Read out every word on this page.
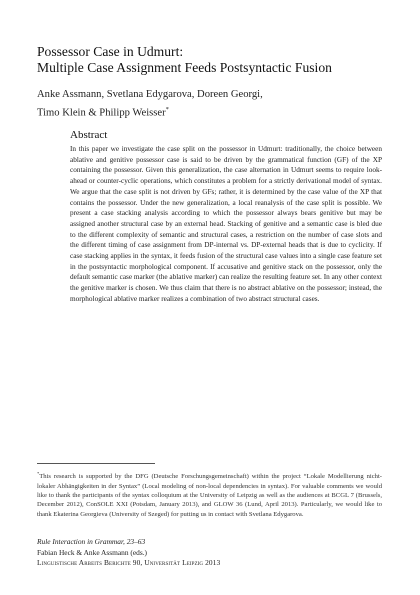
Possessor Case in Udmurt:
Multiple Case Assignment Feeds Postsyntactic Fusion
Anke Assmann, Svetlana Edygarova, Doreen Georgi,
Timo Klein & Philipp Weisser*
Abstract

In this paper we investigate the case split on the possessor in Udmurt: traditionally, the choice between ablative and genitive possessor case is said to be driven by the grammatical function (GF) of the XP containing the possessor. Given this generalization, the case alternation in Udmurt seems to require look-ahead or counter-cyclic operations, which constitutes a problem for a strictly derivational model of syntax. We argue that the case split is not driven by GFs; rather, it is determined by the case value of the XP that contains the possessor. Under the new generalization, a local reanalysis of the case split is possible. We present a case stacking analysis according to which the possessor always bears genitive but may be assigned another structural case by an external head. Stacking of genitive and a semantic case is bled due to the different complexity of semantic and structural cases, a restriction on the number of case slots and the different timing of case assignment from DP-internal vs. DP-external heads that is due to cyclicity. If case stacking applies in the syntax, it feeds fusion of the structural case values into a single case feature set in the postsyntactic morphological component. If accusative and genitive stack on the possessor, only the default semantic case marker (the ablative marker) can realize the resulting feature set. In any other context the genitive marker is chosen. We thus claim that there is no abstract ablative on the possessor; instead, the morphological ablative marker realizes a combination of two abstract structural cases.

*This research is supported by the DFG (Deutsche Forschungsgemeinschaft) within the project “Lokale Modellierung nicht-lokaler Abhängigkeiten in der Syntax” (Local modeling of non-local dependencies in syntax). For valuable comments we would like to thank the participants of the syntax colloquium at the University of Leipzig as well as the audiences at BCGL 7 (Brussels, December 2012), ConSOLE XXI (Potsdam, January 2013), and GLOW 36 (Lund, April 2013). Particularly, we would like to thank Ekaterina Georgieva (University of Szeged) for putting us in contact with Svetlana Edygarova.

Rule Interaction in Grammar, 23–63
Fabian Heck & Anke Assmann (eds.)
Linguistische Arbeits Berichte 90, Universität Leipzig 2013
